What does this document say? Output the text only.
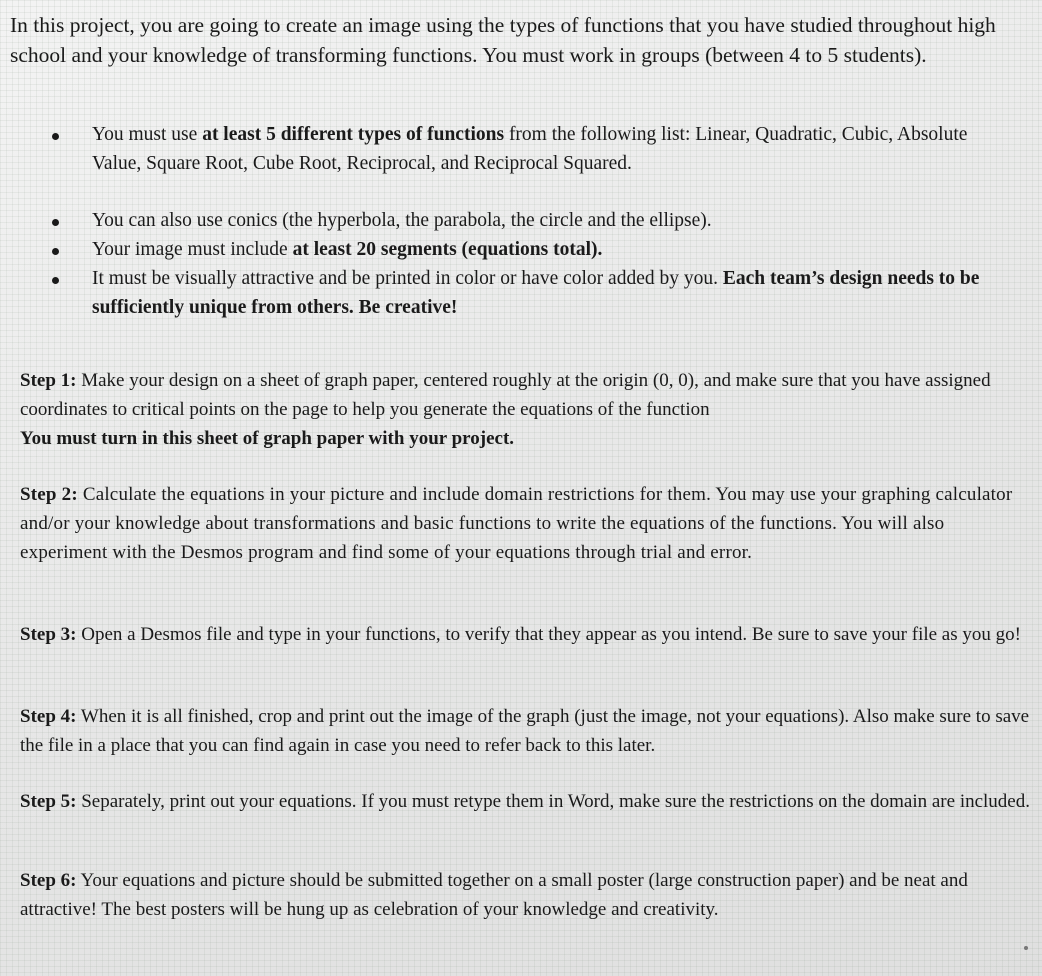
In this project, you are going to create an image using the types of functions that you have studied throughout high school and your knowledge of transforming functions. You must work in groups (between 4 to 5 students).
You must use at least 5 different types of functions from the following list: Linear, Quadratic, Cubic, Absolute Value, Square Root, Cube Root, Reciprocal, and Reciprocal Squared.
You can also use conics (the hyperbola, the parabola, the circle and the ellipse).
Your image must include at least 20 segments (equations total).
It must be visually attractive and be printed in color or have color added by you. Each team’s design needs to be sufficiently unique from others. Be creative!
Step 1: Make your design on a sheet of graph paper, centered roughly at the origin (0, 0), and make sure that you have assigned coordinates to critical points on the page to help you generate the equations of the function
You must turn in this sheet of graph paper with your project.
Step 2: Calculate the equations in your picture and include domain restrictions for them. You may use your graphing calculator and/or your knowledge about transformations and basic functions to write the equations of the functions. You will also experiment with the Desmos program and find some of your equations through trial and error.
Step 3: Open a Desmos file and type in your functions, to verify that they appear as you intend. Be sure to save your file as you go!
Step 4: When it is all finished, crop and print out the image of the graph (just the image, not your equations). Also make sure to save the file in a place that you can find again in case you need to refer back to this later.
Step 5: Separately, print out your equations. If you must retype them in Word, make sure the restrictions on the domain are included.
Step 6: Your equations and picture should be submitted together on a small poster (large construction paper) and be neat and attractive! The best posters will be hung up as celebration of your knowledge and creativity.
